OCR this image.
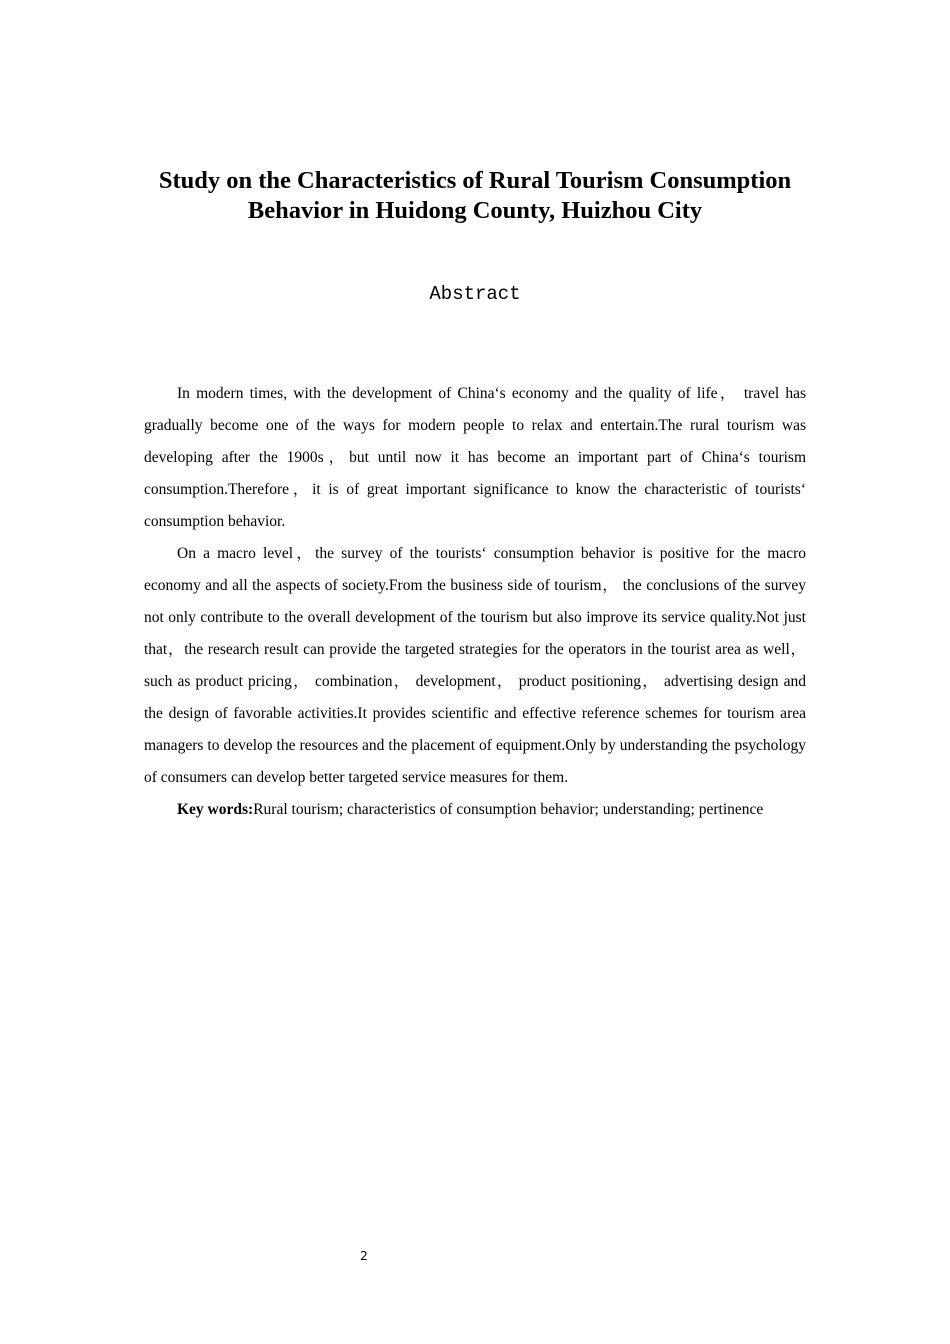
Study on the Characteristics of Rural Tourism Consumption
Behavior in Huidong County, Huizhou City
Abstract

In modern times, with the development of China‘s economy and the quality of life， travel has gradually become one of the ways for modern people to relax and entertain.The rural tourism was developing after the 1900s，but until now it has become an important part of China‘s tourism consumption.Therefore，it is of great important significance to know the characteristic of tourists‘ consumption behavior.

On a macro level，the survey of the tourists‘ consumption behavior is positive for the macro economy and all the aspects of society.From the business side of tourism， the conclusions of the survey not only contribute to the overall development of the tourism but also improve its service quality.Not just that，the research result can provide the targeted strategies for the operators in the tourist area as well， such as product pricing， combination， development， product positioning， advertising design and the design of favorable activities.It provides scientific and effective reference schemes for tourism area managers to develop the resources and the placement of equipment.Only by understanding the psychology of consumers can develop better targeted service measures for them.

Key words:Rural tourism; characteristics of consumption behavior; understanding; pertinence

2
